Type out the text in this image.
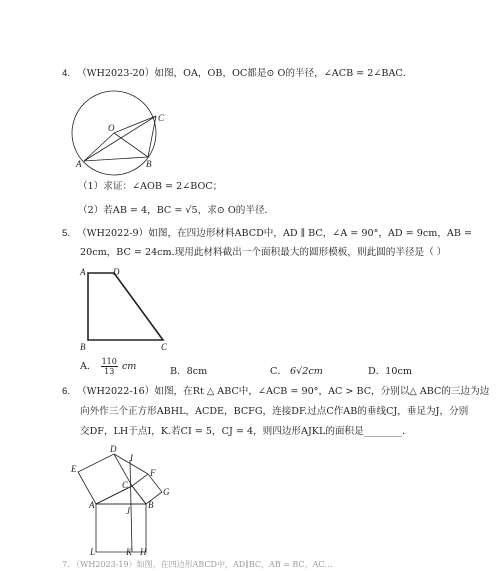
4. （WH2023-20）如图，OA，OB，OC都是⊙ O的半径，∠ACB = 2∠BAC．
O
C
A	B
（1）求证：∠AOB = 2∠BOC；
（2）若AB = 4，BC = √5，求⊙ O的半径．
5. （WH2022-9）如图，在四边形材料ABCD中，AD ∥ BC，∠A = 90°，AD = 9cm，AB =
20cm，BC = 24cm.现用此材料截出一个面积最大的圆形模板，则此圆的半径是（ ）
A	D
B	C
A． $\frac{110}{13}$ cm	B．8cm	C． 6√2cm	D．10cm
6. （WH2022-16）如图，在Rt △ ABC中，∠ACB = 90°，AC > BC，分别以△ ABC的三边为边
向外作三个正方形ABHL，ACDE，BCFG，连接DF.过点C作AB的垂线CJ，垂足为J，分别
交DF，LH于点I，K.若CI = 5，CJ = 4，则四边形AJKL的面积是________．
E
D
I
F
C
G
A
J
B
L	K H
7. （WH2023-19）如图，在四边形ABCD中，AD∥BC，AB = BC，AC…
